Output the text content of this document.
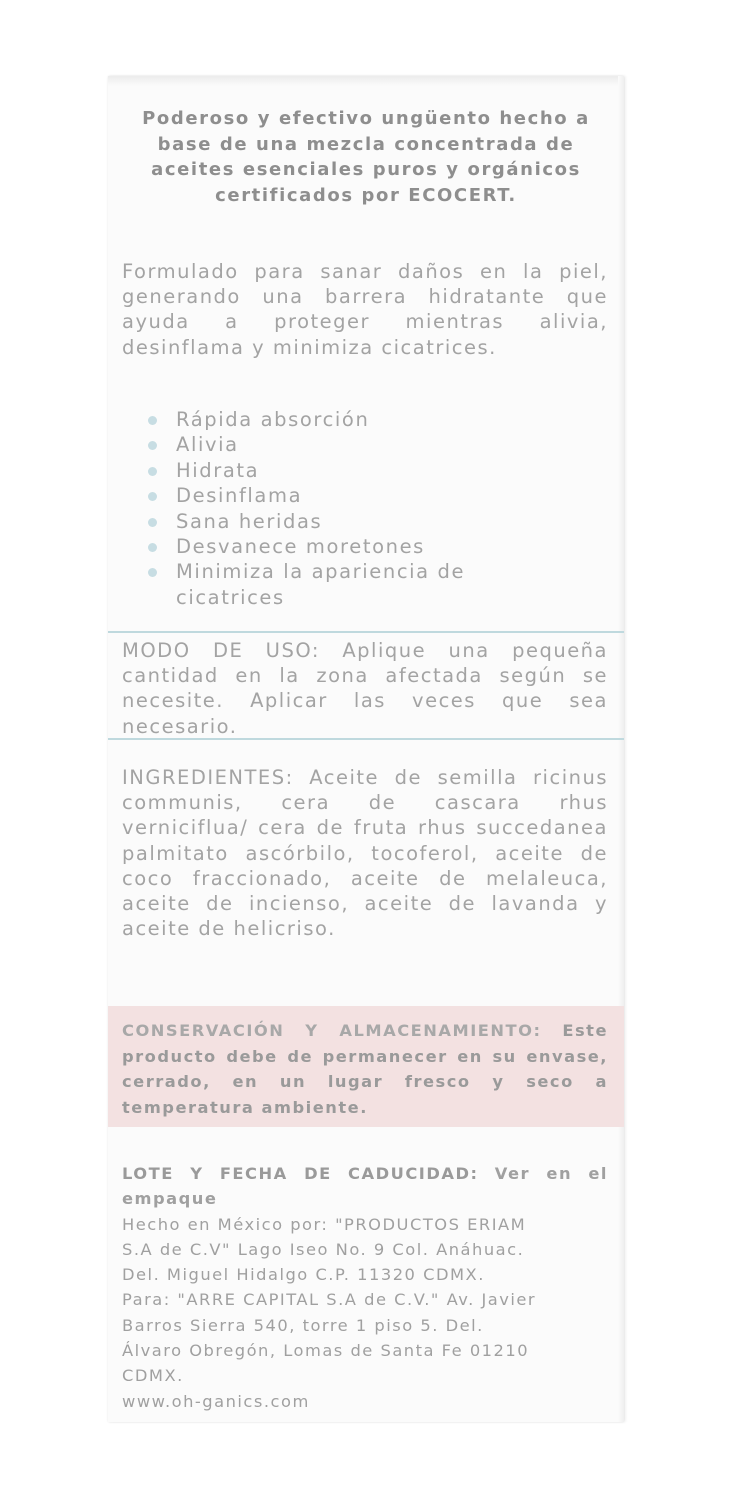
Poderoso y efectivo ungüento hecho a base de una mezcla concentrada de aceites esenciales puros y orgánicos certificados por ECOCERT.
Formulado para sanar daños en la piel, generando una barrera hidratante que ayuda a proteger mientras alivia, desinflama y minimiza cicatrices.
Rápida absorción
Alivia
Hidrata
Desinflama
Sana heridas
Desvanece moretones
Minimiza la apariencia de cicatrices
MODO DE USO: Aplique una pequeña cantidad en la zona afectada según se necesite. Aplicar las veces que sea necesario.
INGREDIENTES: Aceite de semilla ricinus communis, cera de cascara rhus verniciflua/ cera de fruta rhus succedanea palmitato ascórbilo, tocoferol, aceite de coco fraccionado, aceite de melaleuca, aceite de incienso, aceite de lavanda y aceite de helicriso.
CONSERVACIÓN Y ALMACENAMIENTO: Este producto debe de permanecer en su envase, cerrado, en un lugar fresco y seco a temperatura ambiente.
LOTE Y FECHA DE CADUCIDAD: Ver en el empaque
Hecho en México por: "PRODUCTOS ERIAM
S.A de C.V" Lago Iseo No. 9 Col. Anáhuac.
Del. Miguel Hidalgo C.P. 11320 CDMX.
Para: "ARRE CAPITAL S.A de C.V." Av. Javier
Barros Sierra 540, torre 1 piso 5. Del.
Álvaro Obregón, Lomas de Santa Fe 01210
CDMX.
www.oh-ganics.com
